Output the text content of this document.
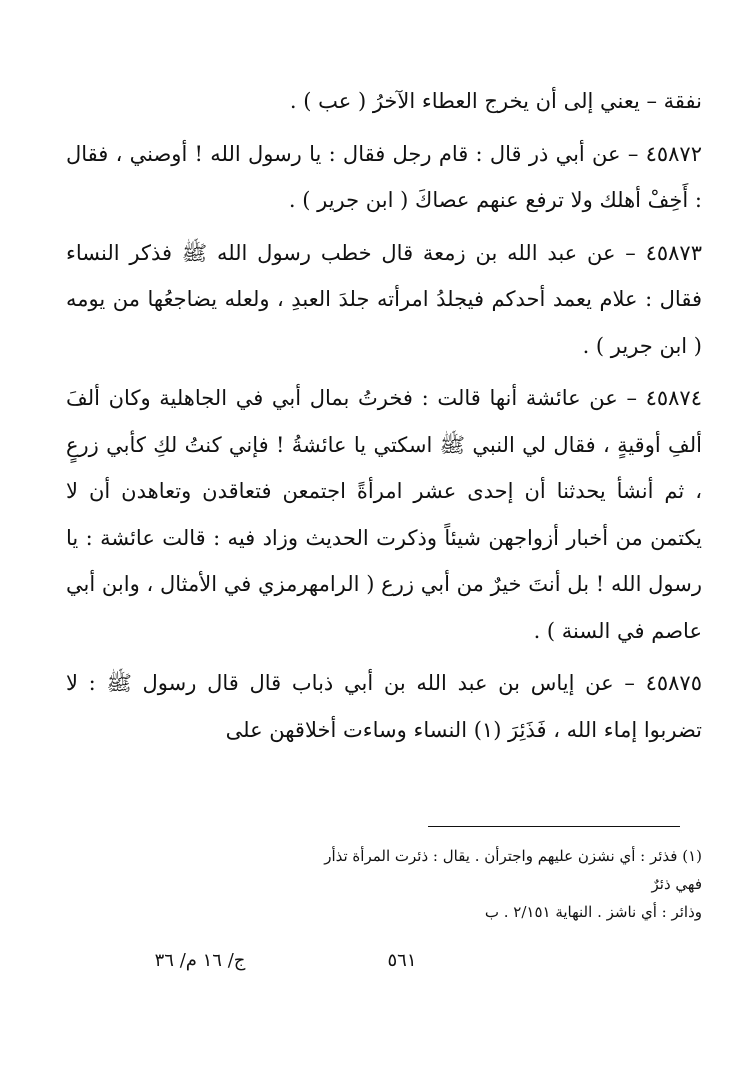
نفقة – يعني إلى أن يخرج العطاء الآخرُ ( عب ) .

٤٥٨٧٢ – عن أبي ذر قال : قام رجل فقال : يا رسول الله ! أوصني ، فقال : أَخِفْ أهلك ولا ترفع عنهم عصاكَ ( ابن جرير ) .

٤٥٨٧٣ – عن عبد الله بن زمعة قال خطب رسول الله ﷺ فذكر النساء فقال : علام يعمد أحدكم فيجلدُ امرأته جلدَ العبدِ ، ولعله يضاجعُها من يومه ( ابن جرير ) .

٤٥٨٧٤ – عن عائشة أنها قالت : فخرتُ بمال أبي في الجاهلية وكان ألفَ ألفِ أوقيةٍ ، فقال لي النبي ﷺ اسكتي يا عائشةُ ! فإني كنتُ لكِ كأبي زرعٍ ، ثم أنشأ يحدثنا أن إحدى عشر امرأةً اجتمعن فتعاقدن وتعاهدن أن لا يكتمن من أخبار أزواجهن شيئاً وذكرت الحديث وزاد فيه : قالت عائشة : يا رسول الله ! بل أنتَ خيرٌ من أبي زرع ( الرامهرمزي في الأمثال ، وابن أبي عاصم في السنة ) .

٤٥٨٧٥ – عن إياس بن عبد الله بن أبي ذباب قال قال رسول ﷺ : لا تضربوا إماء الله ، فَذَئِرَ (١) النساء وساءت أخلاقهن على

(١) فذئر : أي نشزن عليهم واجترأن . يقال : ذئرت المرأة تذأر فهي ذئرٌ

وذائر : أي ناشز . النهاية ٢/١٥١ . ب

٥٦١
ج/ ١٦ م/ ٣٦
